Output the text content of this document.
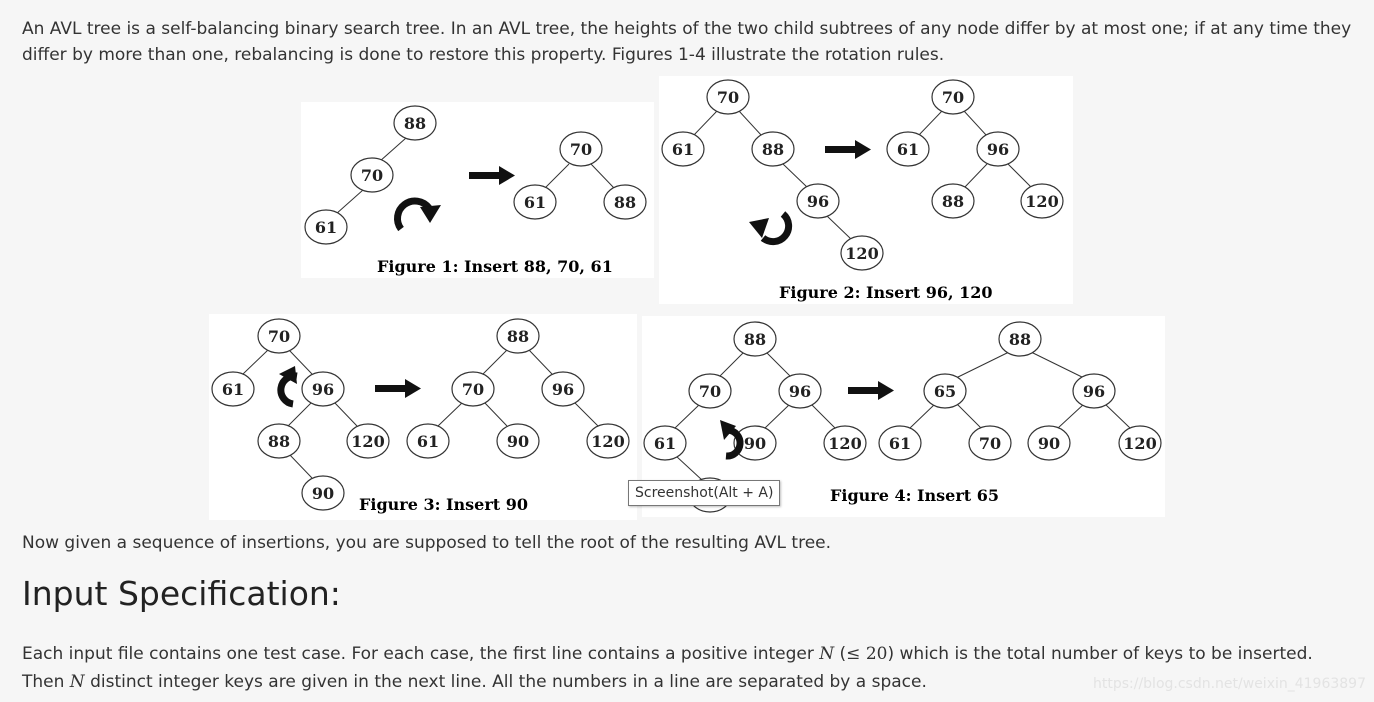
An AVL tree is a self-balancing binary search tree. In an AVL tree, the heights of the two child subtrees of any node differ by at most one; if at any time they differ by more than one, rebalancing is done to restore this property. Figures 1-4 illustrate the rotation rules.
88
70
61
70
61	88
Figure 1: Insert 88, 70, 61
70
61	88
96
120
70
61	96
88	120
Figure 2: Insert 96, 120
70
61	96
88	120
90
88
70	96
61	90	120
Figure 3: Insert 90
88
70	96
61	90	120
88
65	96
61	70 90	120
Figure 4: Insert 65
Screenshot(Alt + A)
Now given a sequence of insertions, you are supposed to tell the root of the resulting AVL tree.
Input Specification:
Each input file contains one test case. For each case, the first line contains a positive integer N (≤ 20) which is the total number of keys to be inserted. Then N distinct integer keys are given in the next line. All the numbers in a line are separated by a space.	https://blog.csdn.net/weixin_41963897
